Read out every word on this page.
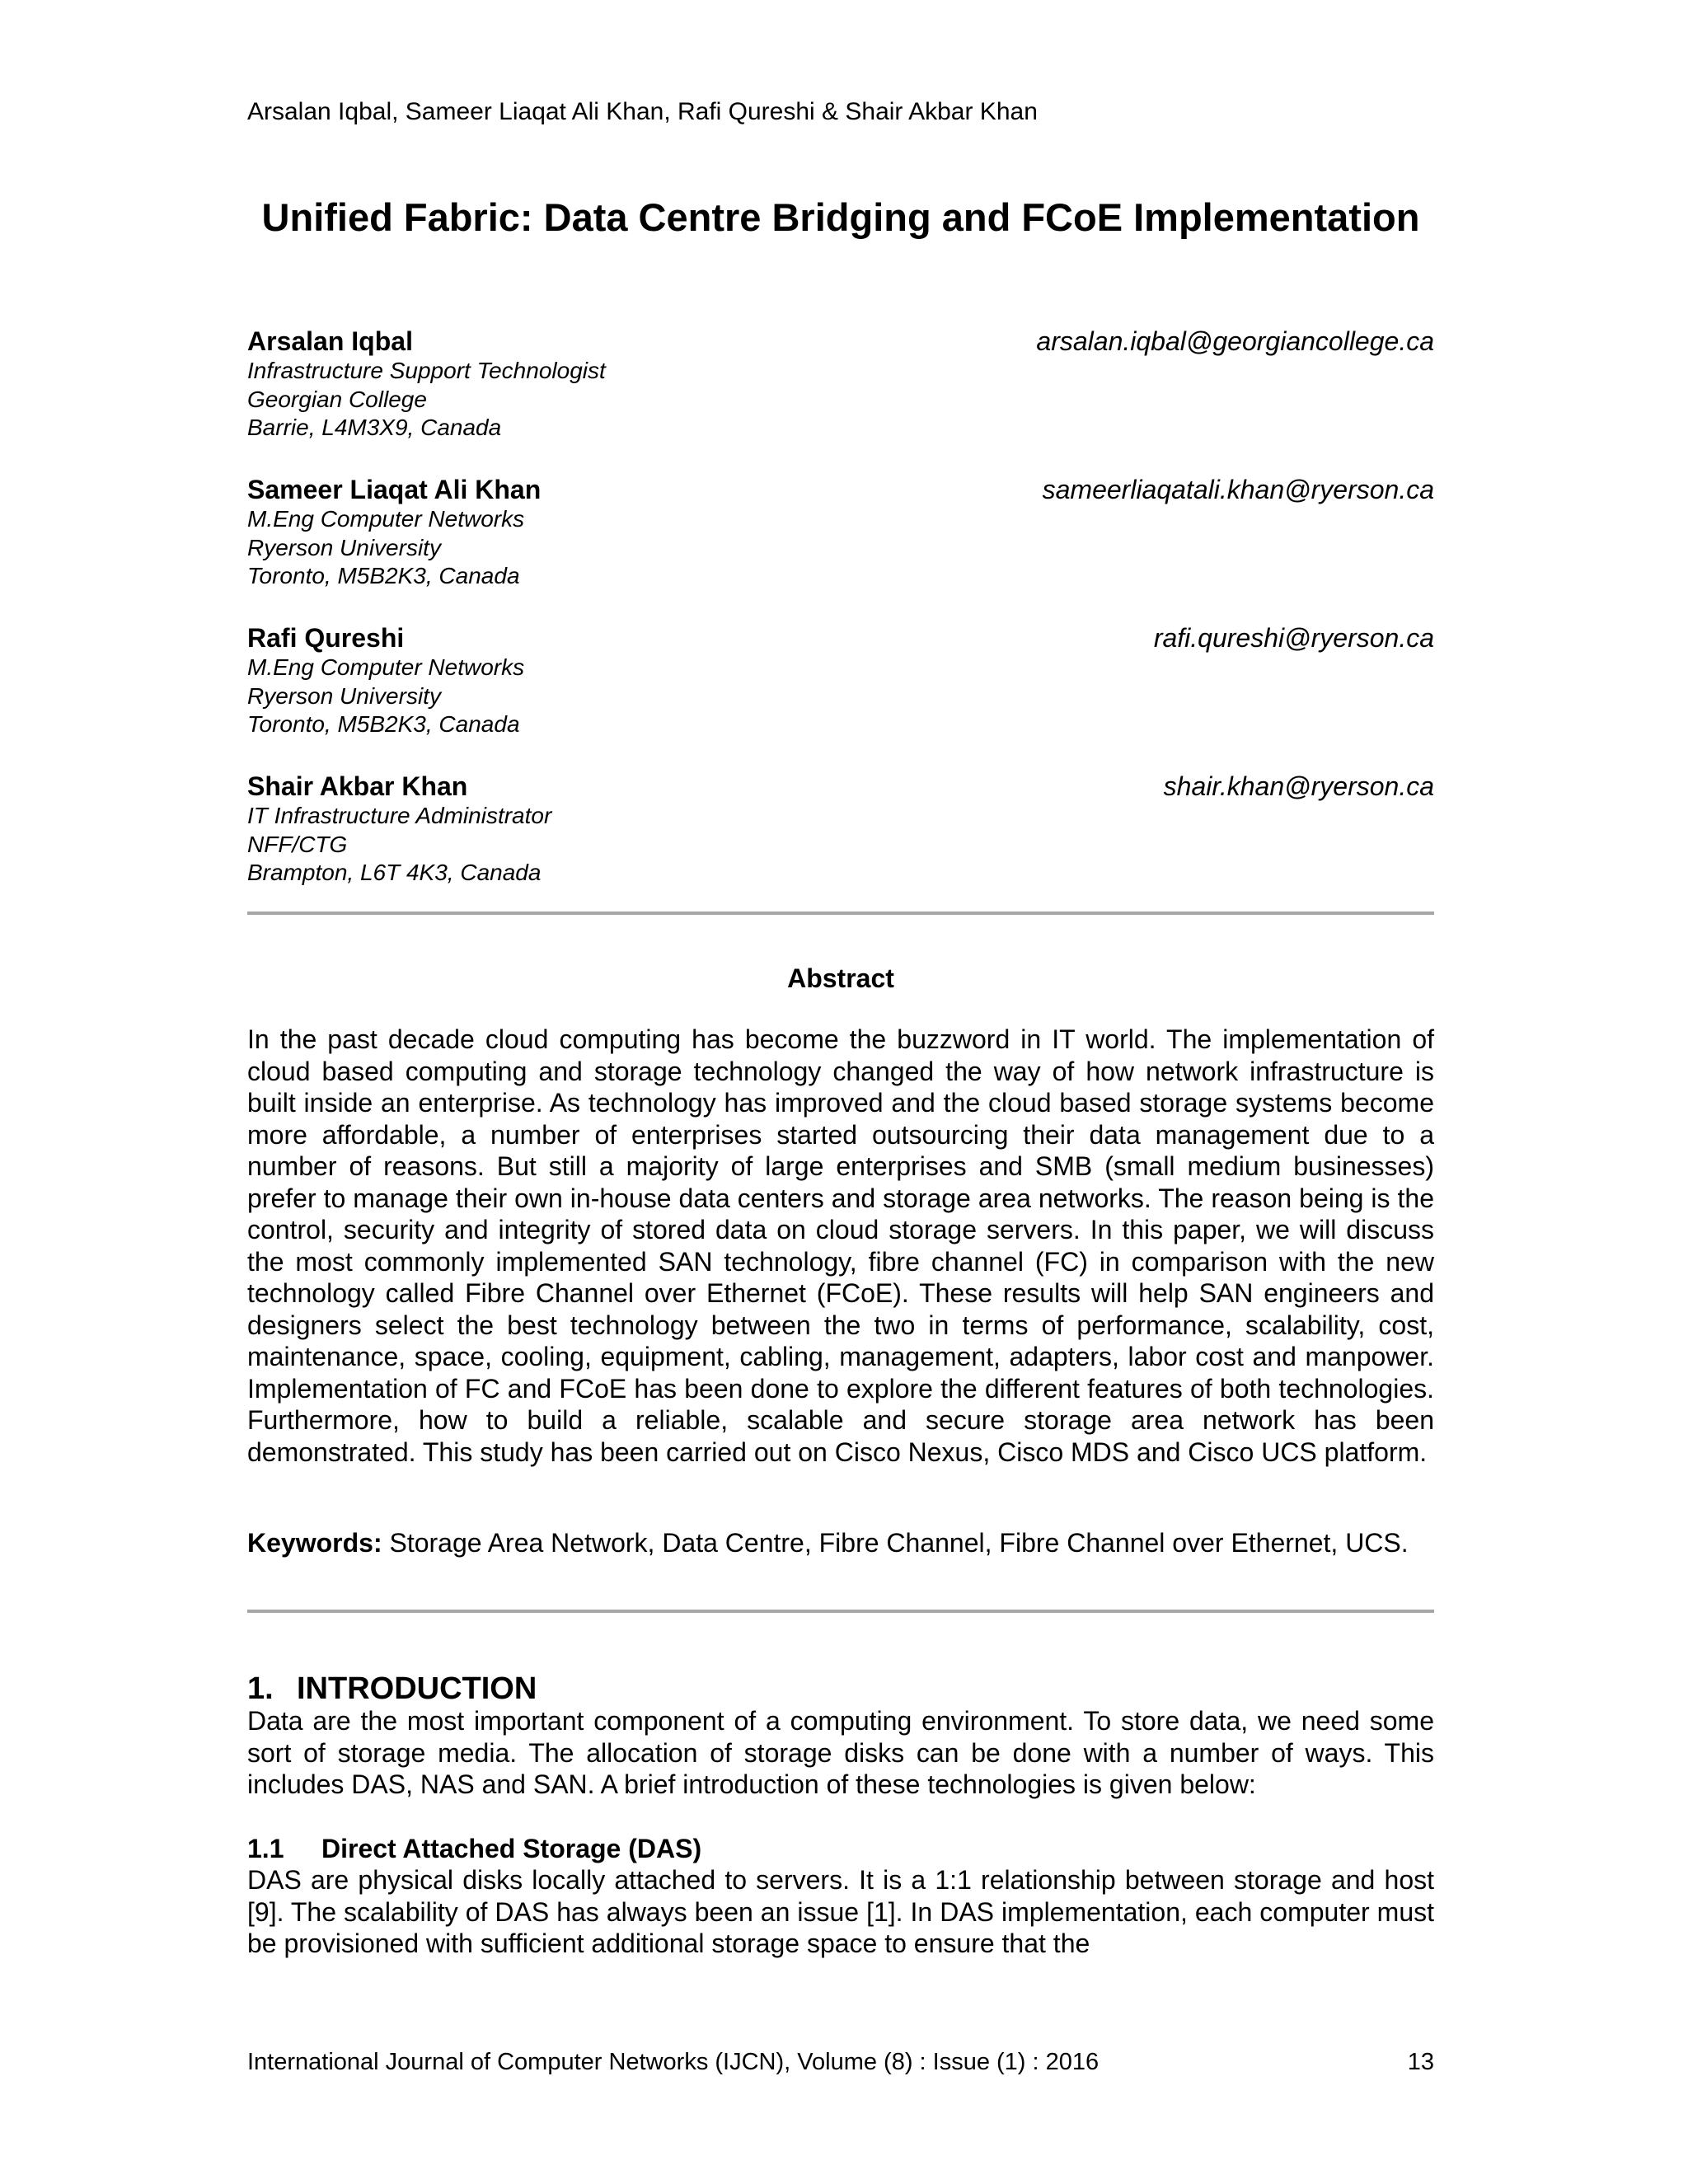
Arsalan Iqbal, Sameer Liaqat Ali Khan, Rafi Qureshi & Shair Akbar Khan
Unified Fabric: Data Centre Bridging and FCoE Implementation
Arsalan Iqbal	arsalan.iqbal@georgiancollege.ca
Infrastructure Support Technologist
Georgian College
Barrie, L4M3X9, Canada
Sameer Liaqat Ali Khan	sameerliaqatali.khan@ryerson.ca
M.Eng Computer Networks
Ryerson University
Toronto, M5B2K3, Canada
Rafi Qureshi	rafi.qureshi@ryerson.ca
M.Eng Computer Networks
Ryerson University
Toronto, M5B2K3, Canada
Shair Akbar Khan	shair.khan@ryerson.ca
IT Infrastructure Administrator
NFF/CTG
Brampton, L6T 4K3, Canada
Abstract

In the past decade cloud computing has become the buzzword in IT world. The implementation of cloud based computing and storage technology changed the way of how network infrastructure is built inside an enterprise. As technology has improved and the cloud based storage systems become more affordable, a number of enterprises started outsourcing their data management due to a number of reasons. But still a majority of large enterprises and SMB (small medium businesses) prefer to manage their own in-house data centers and storage area networks. The reason being is the control, security and integrity of stored data on cloud storage servers. In this paper, we will discuss the most commonly implemented SAN technology, fibre channel (FC) in comparison with the new technology called Fibre Channel over Ethernet (FCoE). These results will help SAN engineers and designers select the best technology between the two in terms of performance, scalability, cost, maintenance, space, cooling, equipment, cabling, management, adapters, labor cost and manpower. Implementation of FC and FCoE has been done to explore the different features of both technologies. Furthermore, how to build a reliable, scalable and secure storage area network has been demonstrated. This study has been carried out on Cisco Nexus, Cisco MDS and Cisco UCS platform.

Keywords: Storage Area Network, Data Centre, Fibre Channel, Fibre Channel over Ethernet, UCS.

1. INTRODUCTION

Data are the most important component of a computing environment. To store data, we need some sort of storage media. The allocation of storage disks can be done with a number of ways. This includes DAS, NAS and SAN. A brief introduction of these technologies is given below:

1.1 Direct Attached Storage (DAS)

DAS are physical disks locally attached to servers. It is a 1:1 relationship between storage and host [9]. The scalability of DAS has always been an issue [1]. In DAS implementation, each computer must be provisioned with sufficient additional storage space to ensure that the

International Journal of Computer Networks (IJCN), Volume (8) : Issue (1) : 2016	13
